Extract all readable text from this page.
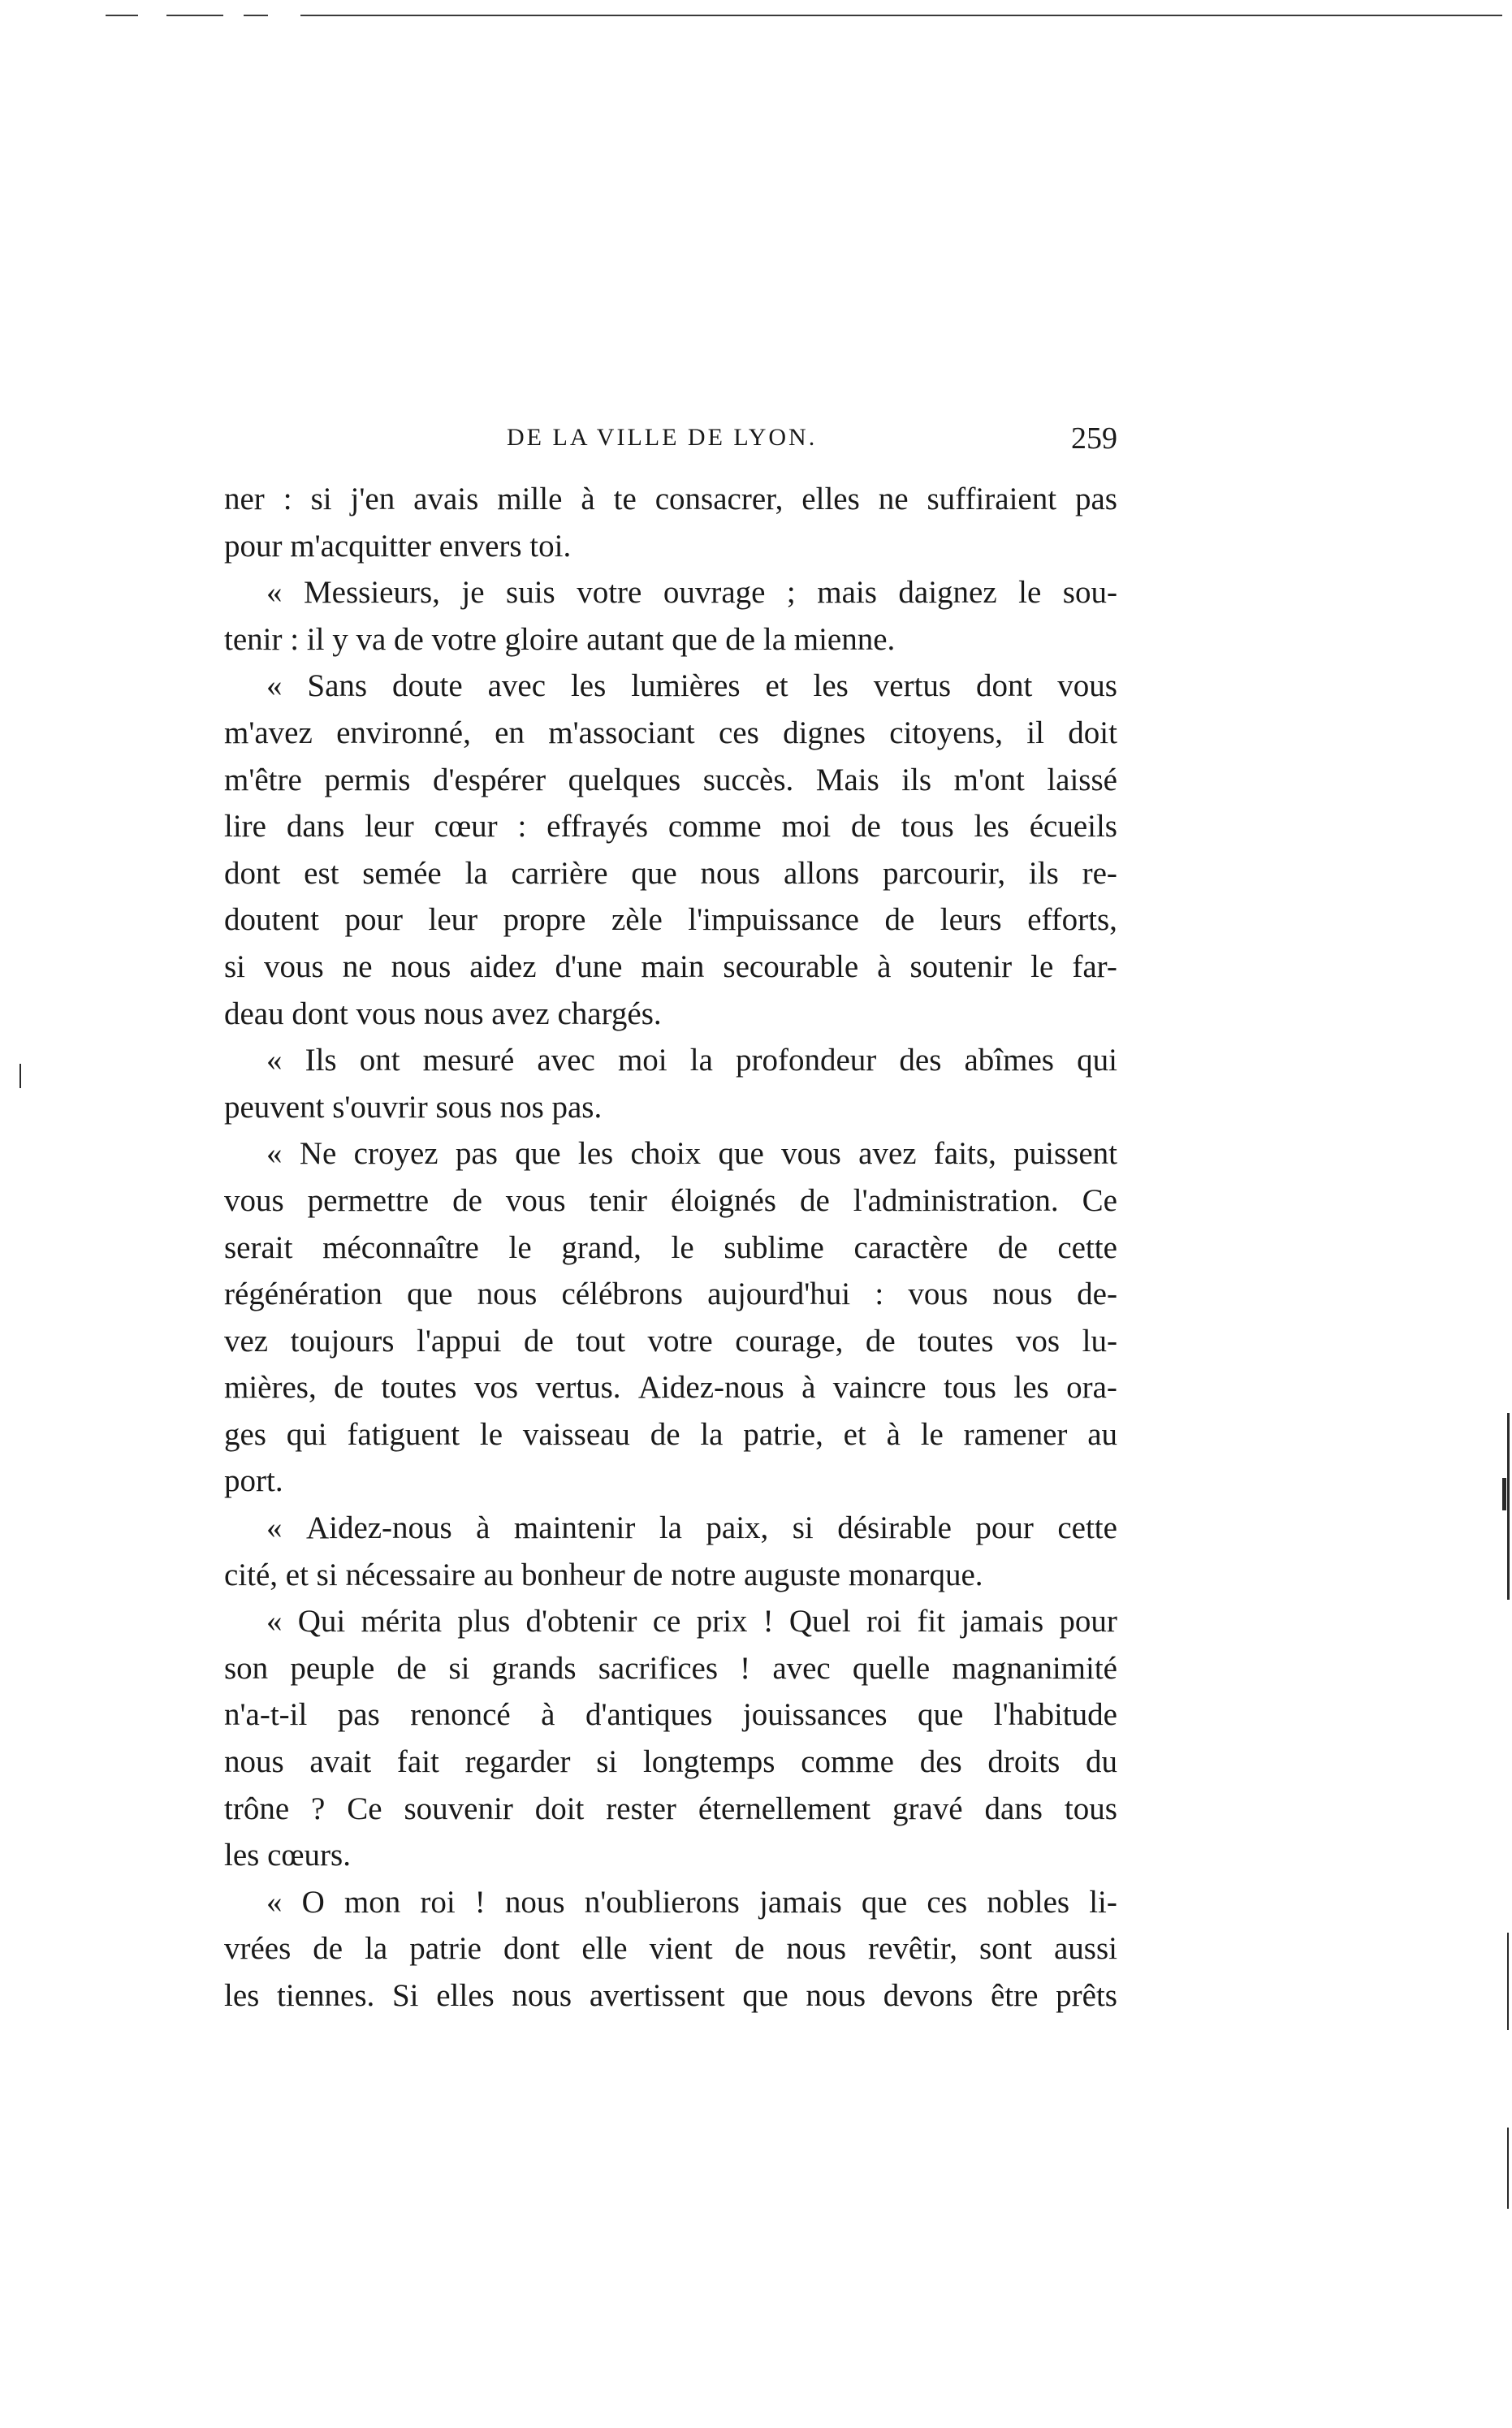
DE LA VILLE DE LYON.	259
ner : si j'en avais mille à te consacrer, elles ne suffiraient pas
pour m'acquitter envers toi.
« Messieurs, je suis votre ouvrage ; mais daignez le sou-
tenir : il y va de votre gloire autant que de la mienne.
« Sans doute avec les lumières et les vertus dont vous
m'avez environné, en m'associant ces dignes citoyens, il doit
m'être permis d'espérer quelques succès. Mais ils m'ont laissé
lire dans leur cœur : effrayés comme moi de tous les écueils
dont est semée la carrière que nous allons parcourir, ils re-
doutent pour leur propre zèle l'impuissance de leurs efforts,
si vous ne nous aidez d'une main secourable à soutenir le far-
deau dont vous nous avez chargés.
« Ils ont mesuré avec moi la profondeur des abîmes qui
peuvent s'ouvrir sous nos pas.
« Ne croyez pas que les choix que vous avez faits, puissent
vous permettre de vous tenir éloignés de l'administration. Ce
serait méconnaître le grand, le sublime caractère de cette
régénération que nous célébrons aujourd'hui : vous nous de-
vez toujours l'appui de tout votre courage, de toutes vos lu-
mières, de toutes vos vertus. Aidez-nous à vaincre tous les ora-
ges qui fatiguent le vaisseau de la patrie, et à le ramener au
port.
« Aidez-nous à maintenir la paix, si désirable pour cette
cité, et si nécessaire au bonheur de notre auguste monarque.
« Qui mérita plus d'obtenir ce prix ! Quel roi fit jamais pour
son peuple de si grands sacrifices ! avec quelle magnanimité
n'a-t-il pas renoncé à d'antiques jouissances que l'habitude
nous avait fait regarder si longtemps comme des droits du
trône ? Ce souvenir doit rester éternellement gravé dans tous
les cœurs.
« O mon roi ! nous n'oublierons jamais que ces nobles li-
vrées de la patrie dont elle vient de nous revêtir, sont aussi
les tiennes. Si elles nous avertissent que nous devons être prêts
